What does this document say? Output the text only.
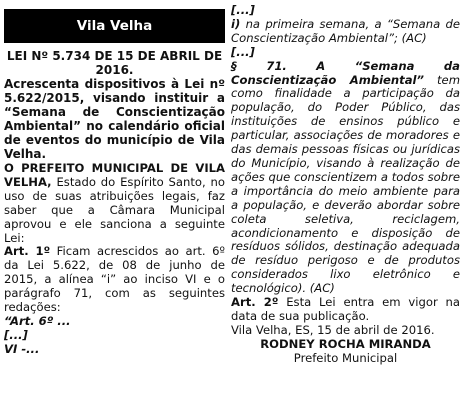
Vila Velha
LEI Nº 5.734 DE 15 DE ABRIL DE 2016.

Acrescenta dispositivos à Lei nº 5.622/2015, visando instituir a “Semana de Conscientização Ambiental” no calendário oficial de eventos do município de Vila Velha.

O PREFEITO MUNICIPAL DE VILA VELHA, Estado do Espírito Santo, no uso de suas atribuições legais, faz saber que a Câmara Municipal aprovou e ele sanciona a seguinte Lei:

Art. 1º Ficam acrescidos ao art. 6º da Lei 5.622, de 08 de junho de 2015, a alínea “i” ao inciso VI e o parágrafo 71, com as seguintes redações:

“Art. 6º ...

[...]

VI -...

[...]

i) na primeira semana, a “Semana de Conscientização Ambiental”; (AC)

[...]

§ 71. A “Semana da Conscientização Ambiental” tem como finalidade a participação da população, do Poder Público, das instituições de ensinos público e particular, associações de moradores e das demais pessoas físicas ou jurídicas do Município, visando à realização de ações que conscientizem a todos sobre a importância do meio ambiente para a população, e deverão abordar sobre coleta seletiva, reciclagem, acondicionamento e disposição de resíduos sólidos, destinação adequada de resíduo perigoso e de produtos considerados lixo eletrônico e tecnológico). (AC)

Art. 2º Esta Lei entra em vigor na data de sua publicação.

Vila Velha, ES, 15 de abril de 2016.

RODNEY ROCHA MIRANDA

Prefeito Municipal
